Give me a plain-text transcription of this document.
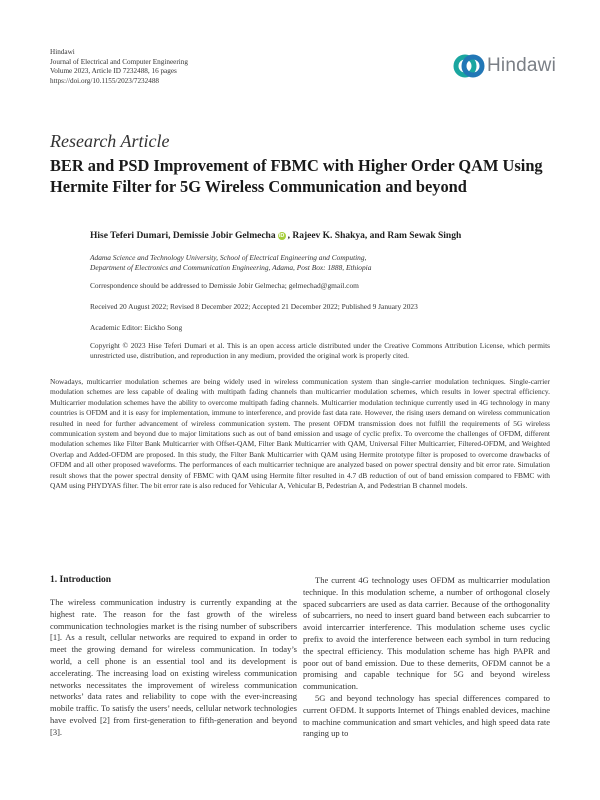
Hindawi
Journal of Electrical and Computer Engineering
Volume 2023, Article ID 7232488, 16 pages
https://doi.org/10.1155/2023/7232488
Hindawi
Research Article
BER and PSD Improvement of FBMC with Higher Order QAM Using Hermite Filter for 5G Wireless Communication and beyond
Hise Teferi Dumari, Demissie Jobir Gelmecha iD , Rajeev K. Shakya, and Ram Sewak Singh
Adama Science and Technology University, School of Electrical Engineering and Computing,
Department of Electronics and Communication Engineering, Adama, Post Box: 1888, Ethiopia
Correspondence should be addressed to Demissie Jobir Gelmecha; gelmechad@gmail.com
Received 20 August 2022; Revised 8 December 2022; Accepted 21 December 2022; Published 9 January 2023
Academic Editor: Eickho Song
Copyright © 2023 Hise Teferi Dumari et al. This is an open access article distributed under the Creative Commons Attribution License, which permits unrestricted use, distribution, and reproduction in any medium, provided the original work is properly cited.
Nowadays, multicarrier modulation schemes are being widely used in wireless communication system than single-carrier modulation techniques. Single-carrier modulation schemes are less capable of dealing with multipath fading channels than multicarrier modulation schemes, which results in lower spectral efficiency. Multicarrier modulation schemes have the ability to overcome multipath fading channels. Multicarrier modulation technique currently used in 4G technology in many countries is OFDM and it is easy for implementation, immune to interference, and provide fast data rate. However, the rising users demand on wireless communication resulted in need for further advancement of wireless communication system. The present OFDM transmission does not fulfill the requirements of 5G wireless communication system and beyond due to major limitations such as out of band emission and usage of cyclic prefix. To overcome the challenges of OFDM, different modulation schemes like Filter Bank Multicarrier with Offset-QAM, Filter Bank Multicarrier with QAM, Universal Filter Multicarrier, Filtered-OFDM, and Weighted Overlap and Added-OFDM are proposed. In this study, the Filter Bank Multicarrier with QAM using Hermite prototype filter is proposed to overcome drawbacks of OFDM and all other proposed waveforms. The performances of each multicarrier technique are analyzed based on power spectral density and bit error rate. Simulation result shows that the power spectral density of FBMC with QAM using Hermite filter resulted in 4.7 dB reduction of out of band emission compared to FBMC with QAM using PHYDYAS filter. The bit error rate is also reduced for Vehicular A, Vehicular B, Pedestrian A, and Pedestrian B channel models.
1. Introduction

The wireless communication industry is currently expanding at the highest rate. The reason for the fast growth of the wireless communication technologies market is the rising number of subscribers [1]. As a result, cellular networks are required to expand in order to meet the growing demand for wireless communication. In today’s world, a cell phone is an essential tool and its development is accelerating. The increasing load on existing wireless communication networks necessitates the improvement of wireless communication networks’ data rates and reliability to cope with the ever-increasing mobile traffic. To satisfy the users’ needs, cellular network technologies have evolved [2] from first-generation to fifth-generation and beyond [3].

The current 4G technology uses OFDM as multicarrier modulation technique. In this modulation scheme, a number of orthogonal closely spaced subcarriers are used as data carrier. Because of the orthogonality of subcarriers, no need to insert guard band between each subcarrier to avoid intercarrier interference. This modulation scheme uses cyclic prefix to avoid the interference between each symbol in turn reducing the spectral efficiency. This modulation scheme has high PAPR and poor out of band emission. Due to these demerits, OFDM cannot be a promising and capable technique for 5G and beyond wireless communication.

5G and beyond technology has special differences compared to current OFDM. It supports Internet of Things enabled devices, machine to machine communication and smart vehicles, and high speed data rate ranging up to
